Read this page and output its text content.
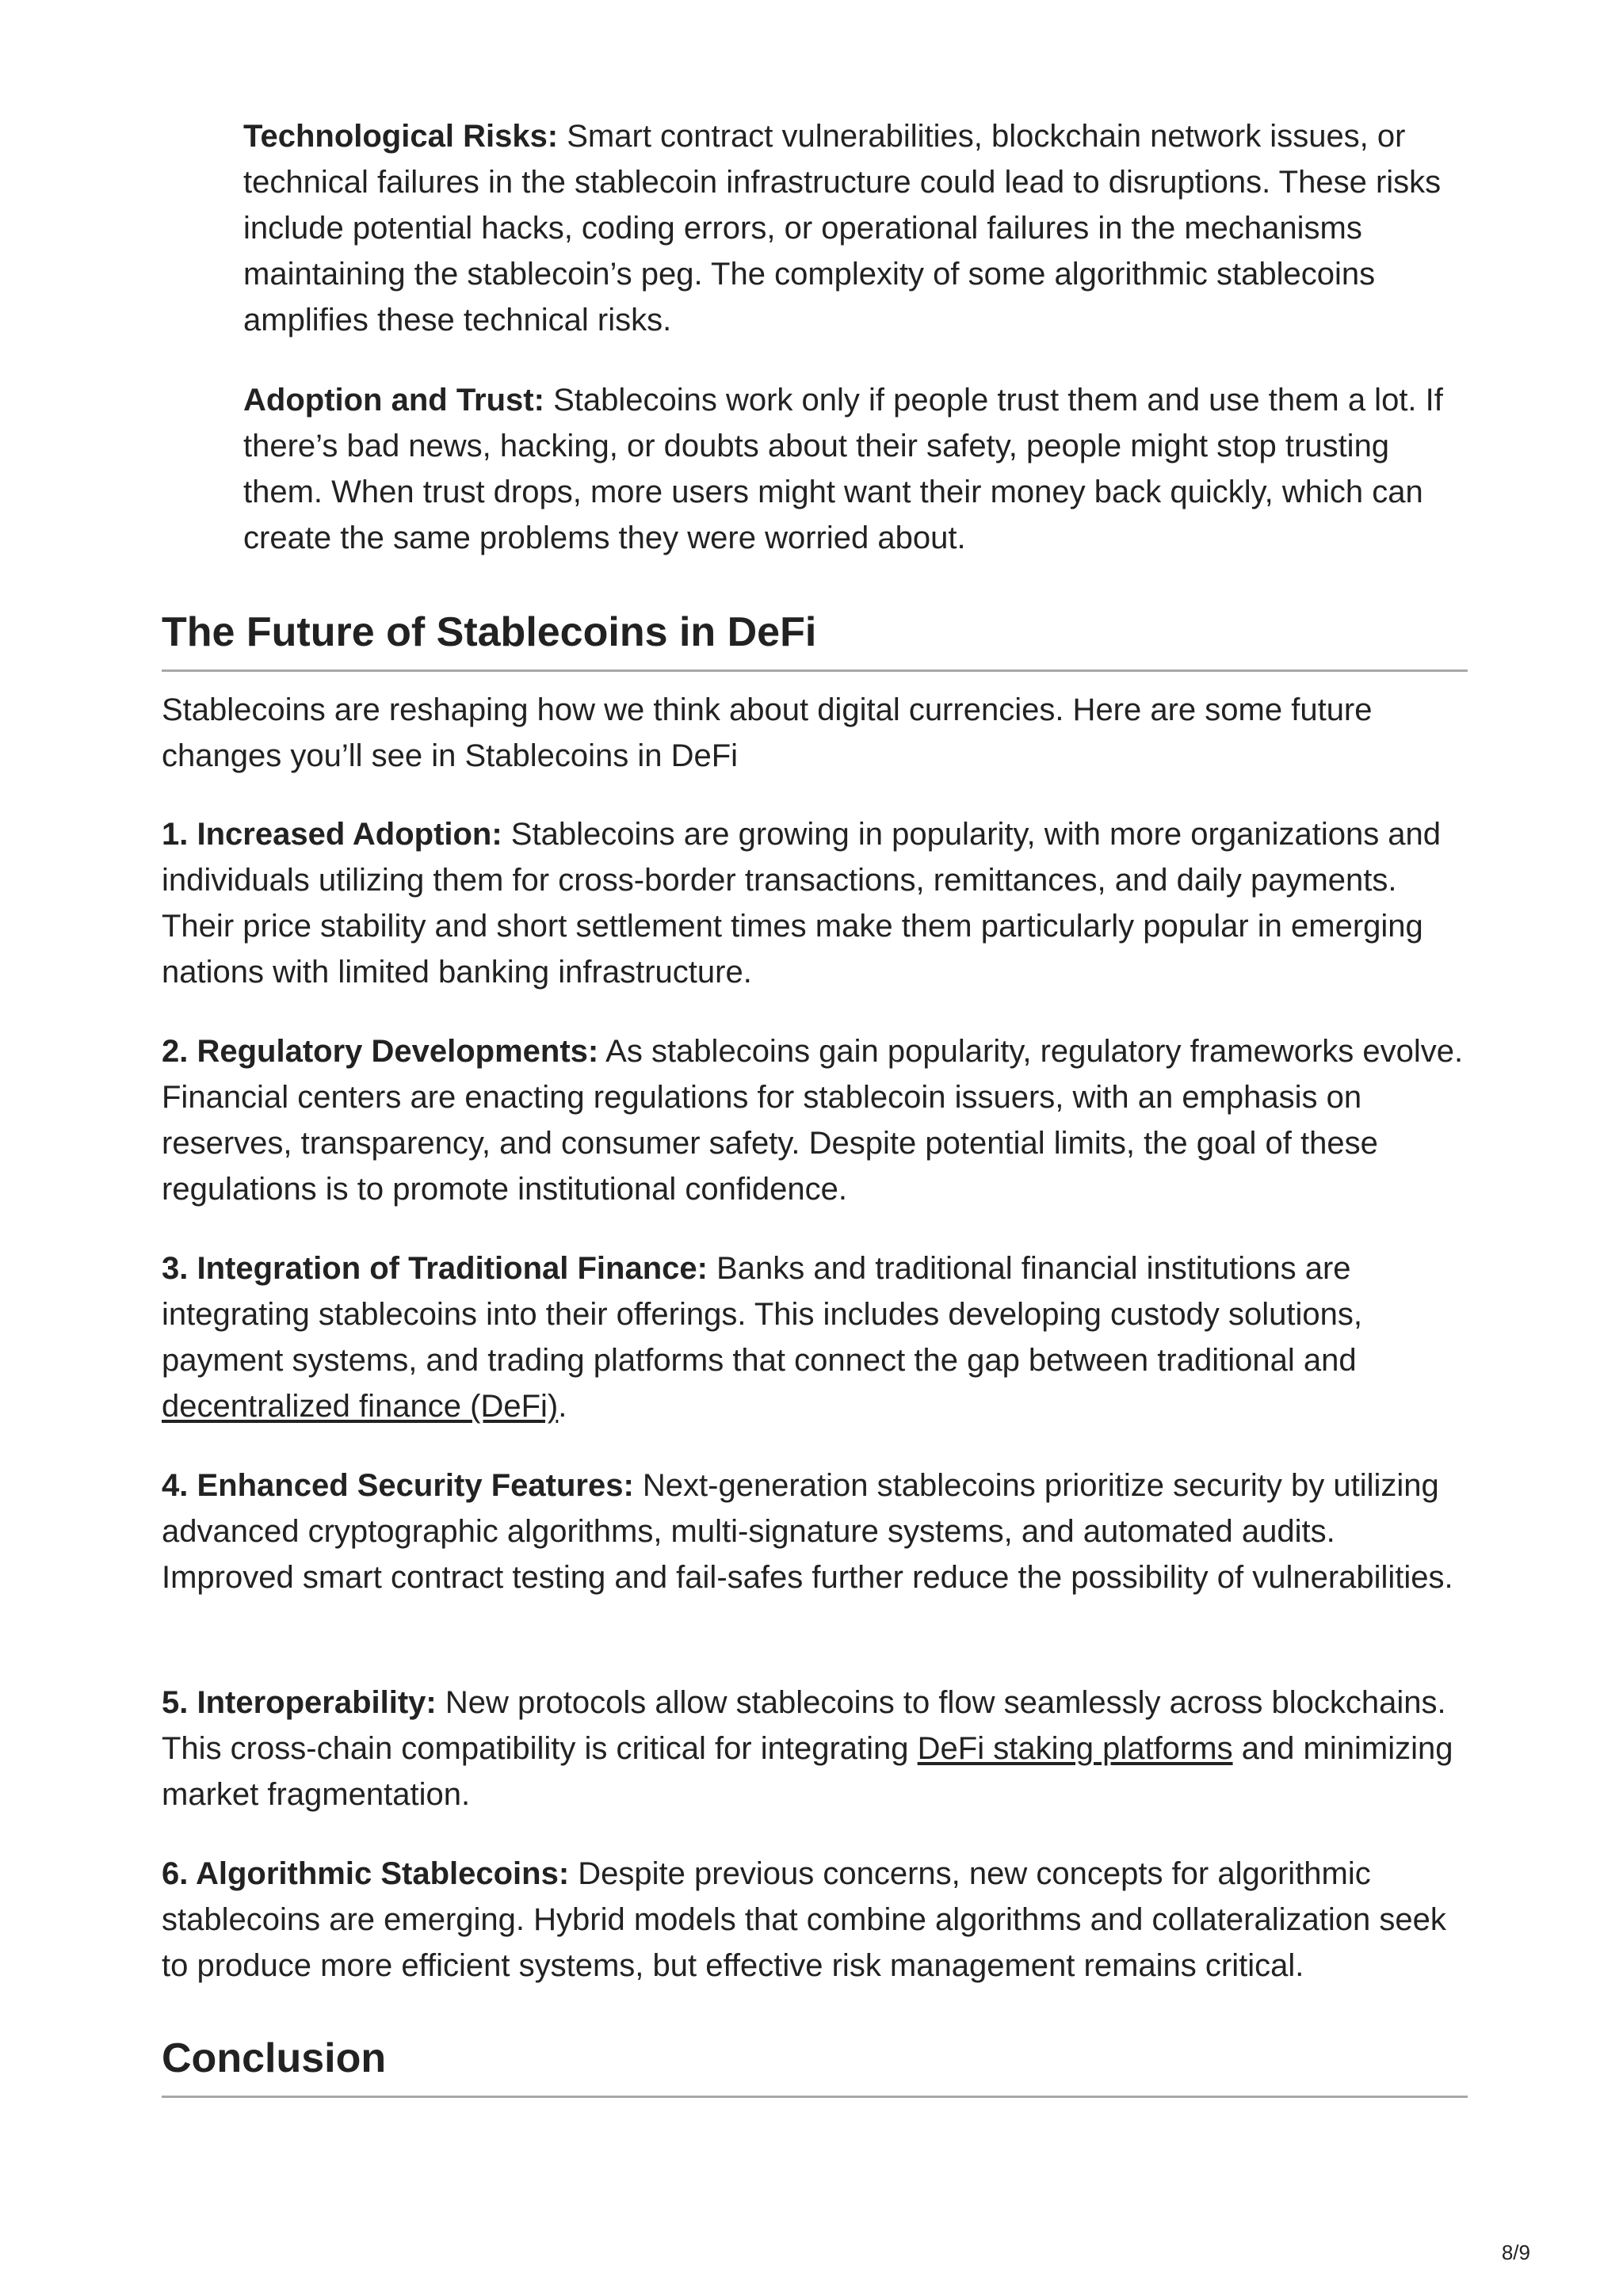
Technological Risks: Smart contract vulnerabilities, blockchain network issues, or technical failures in the stablecoin infrastructure could lead to disruptions. These risks include potential hacks, coding errors, or operational failures in the mechanisms maintaining the stablecoin’s peg. The complexity of some algorithmic stablecoins amplifies these technical risks.

Adoption and Trust: Stablecoins work only if people trust them and use them a lot. If there’s bad news, hacking, or doubts about their safety, people might stop trusting them. When trust drops, more users might want their money back quickly, which can create the same problems they were worried about.

The Future of Stablecoins in DeFi

Stablecoins are reshaping how we think about digital currencies. Here are some future changes you’ll see in Stablecoins in DeFi

1. Increased Adoption: Stablecoins are growing in popularity, with more organizations and individuals utilizing them for cross-border transactions, remittances, and daily payments. Their price stability and short settlement times make them particularly popular in emerging nations with limited banking infrastructure.

2. Regulatory Developments: As stablecoins gain popularity, regulatory frameworks evolve. Financial centers are enacting regulations for stablecoin issuers, with an emphasis on reserves, transparency, and consumer safety. Despite potential limits, the goal of these regulations is to promote institutional confidence.

3. Integration of Traditional Finance: Banks and traditional financial institutions are integrating stablecoins into their offerings. This includes developing custody solutions, payment systems, and trading platforms that connect the gap between traditional and decentralized finance (DeFi).

4. Enhanced Security Features: Next-generation stablecoins prioritize security by utilizing advanced cryptographic algorithms, multi-signature systems, and automated audits. Improved smart contract testing and fail-safes further reduce the possibility of vulnerabilities.

5. Interoperability: New protocols allow stablecoins to flow seamlessly across blockchains. This cross-chain compatibility is critical for integrating DeFi staking platforms and minimizing market fragmentation.

6. Algorithmic Stablecoins: Despite previous concerns, new concepts for algorithmic stablecoins are emerging. Hybrid models that combine algorithms and collateralization seek to produce more efficient systems, but effective risk management remains critical.

Conclusion
8/9
